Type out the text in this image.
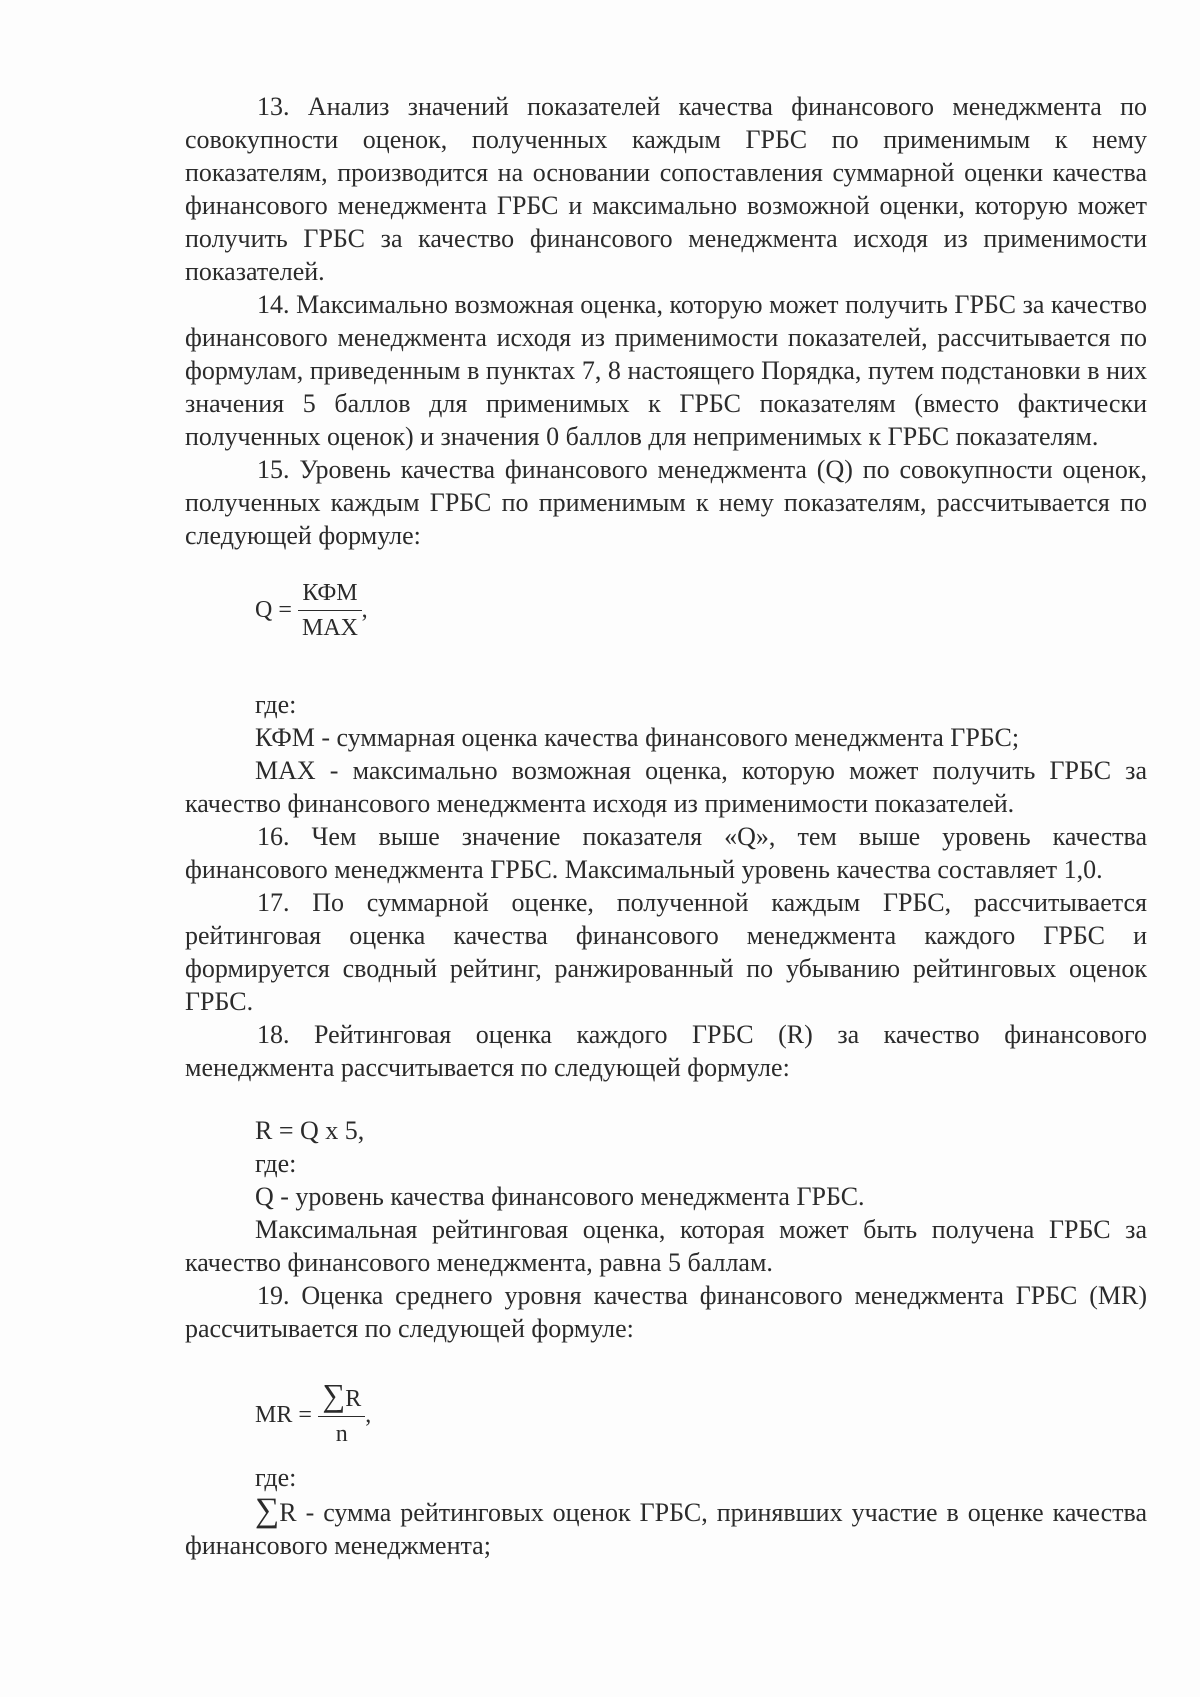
13. Анализ значений показателей качества финансового менеджмента по совокупности оценок, полученных каждым ГРБС по применимым к нему показателям, производится на основании сопоставления суммарной оценки качества финансового менеджмента ГРБС и максимально возможной оценки, которую может получить ГРБС за качество финансового менеджмента исходя из применимости показателей.

14. Максимально возможная оценка, которую может получить ГРБС за качество финансового менеджмента исходя из применимости показателей, рассчитывается по формулам, приведенным в пунктах 7, 8 настоящего Порядка, путем подстановки в них значения 5 баллов для применимых к ГРБС показателям (вместо фактически полученных оценок) и значения 0 баллов для неприменимых к ГРБС показателям.

15. Уровень качества финансового менеджмента (Q) по совокупности оценок, полученных каждым ГРБС по применимым к нему показателям, рассчитывается по следующей формуле:

$Q = \frac{\text{КФМ}}{\text{MAX}}$ ,

где:

КФМ - суммарная оценка качества финансового менеджмента ГРБС;

MAX - максимально возможная оценка, которую может получить ГРБС за качество финансового менеджмента исходя из применимости показателей.

16. Чем выше значение показателя «Q», тем выше уровень качества финансового менеджмента ГРБС. Максимальный уровень качества составляет 1,0.

17. По суммарной оценке, полученной каждым ГРБС, рассчитывается рейтинговая оценка качества финансового менеджмента каждого ГРБС и формируется сводный рейтинг, ранжированный по убыванию рейтинговых оценок ГРБС.

18. Рейтинговая оценка каждого ГРБС (R) за качество финансового менеджмента рассчитывается по следующей формуле:

R = Q x 5,

где:

Q - уровень качества финансового менеджмента ГРБС.

Максимальная рейтинговая оценка, которая может быть получена ГРБС за качество финансового менеджмента, равна 5 баллам.

19. Оценка среднего уровня качества финансового менеджмента ГРБС (MR) рассчитывается по следующей формуле:

MR = $\frac{\sum R}{n}$ ,

где:

∑R - сумма рейтинговых оценок ГРБС, принявших участие в оценке качества финансового менеджмента;
